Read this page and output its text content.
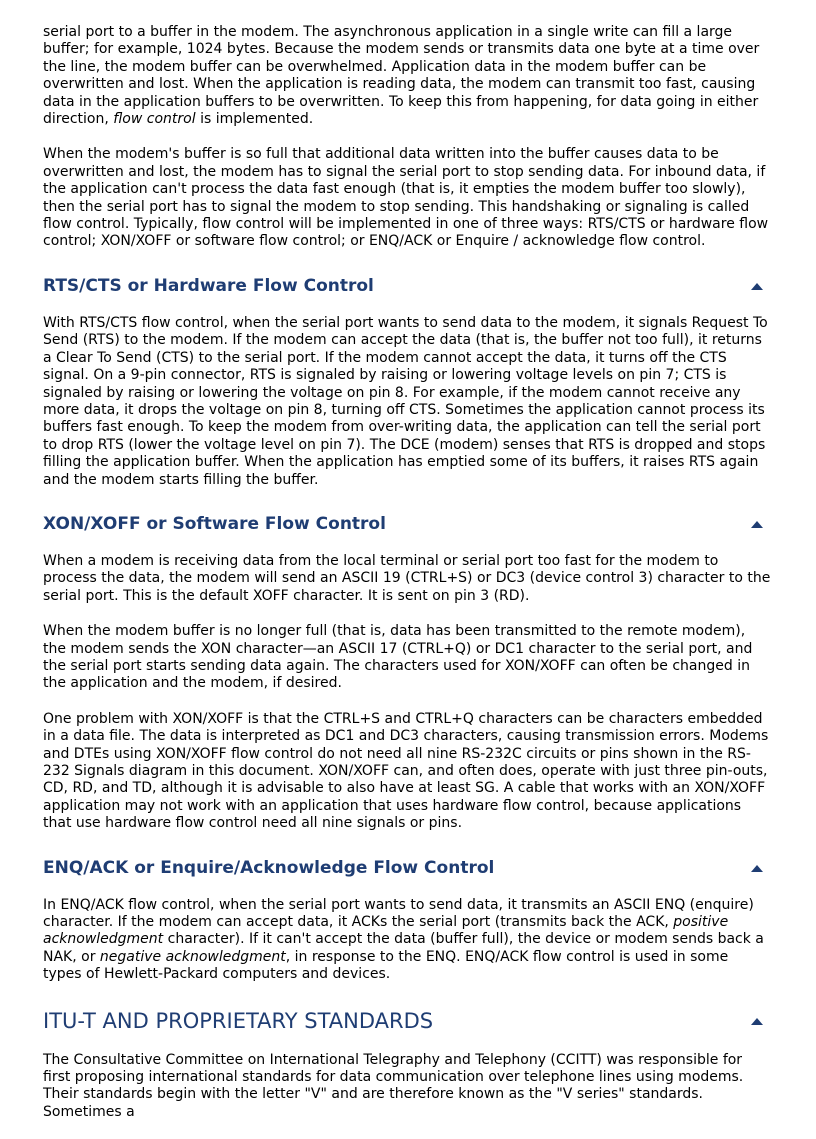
serial port to a buffer in the modem. The asynchronous application in a single write can fill a large buffer; for example, 1024 bytes. Because the modem sends or transmits data one byte at a time over the line, the modem buffer can be overwhelmed. Application data in the modem buffer can be overwritten and lost. When the application is reading data, the modem can transmit too fast, causing data in the application buffers to be overwritten. To keep this from happening, for data going in either direction, flow control is implemented.

When the modem's buffer is so full that additional data written into the buffer causes data to be overwritten and lost, the modem has to signal the serial port to stop sending data. For inbound data, if the application can't process the data fast enough (that is, it empties the modem buffer too slowly), then the serial port has to signal the modem to stop sending. This handshaking or signaling is called flow control. Typically, flow control will be implemented in one of three ways: RTS/CTS or hardware flow control; XON/XOFF or software flow control; or ENQ/ACK or Enquire / acknowledge flow control.

RTS/CTS or Hardware Flow Control

With RTS/CTS flow control, when the serial port wants to send data to the modem, it signals Request To Send (RTS) to the modem. If the modem can accept the data (that is, the buffer not too full), it returns a Clear To Send (CTS) to the serial port. If the modem cannot accept the data, it turns off the CTS signal. On a 9-pin connector, RTS is signaled by raising or lowering voltage levels on pin 7; CTS is signaled by raising or lowering the voltage on pin 8. For example, if the modem cannot receive any more data, it drops the voltage on pin 8, turning off CTS. Sometimes the application cannot process its buffers fast enough. To keep the modem from over-writing data, the application can tell the serial port to drop RTS (lower the voltage level on pin 7). The DCE (modem) senses that RTS is dropped and stops filling the application buffer. When the application has emptied some of its buffers, it raises RTS again and the modem starts filling the buffer.

XON/XOFF or Software Flow Control

When a modem is receiving data from the local terminal or serial port too fast for the modem to process the data, the modem will send an ASCII 19 (CTRL+S) or DC3 (device control 3) character to the serial port. This is the default XOFF character. It is sent on pin 3 (RD).

When the modem buffer is no longer full (that is, data has been transmitted to the remote modem), the modem sends the XON character—an ASCII 17 (CTRL+Q) or DC1 character to the serial port, and the serial port starts sending data again. The characters used for XON/XOFF can often be changed in the application and the modem, if desired.

One problem with XON/XOFF is that the CTRL+S and CTRL+Q characters can be characters embedded in a data file. The data is interpreted as DC1 and DC3 characters, causing transmission errors. Modems and DTEs using XON/XOFF flow control do not need all nine RS-232C circuits or pins shown in the RS-232 Signals diagram in this document. XON/XOFF can, and often does, operate with just three pin-outs, CD, RD, and TD, although it is advisable to also have at least SG. A cable that works with an XON/XOFF application may not work with an application that uses hardware flow control, because applications that use hardware flow control need all nine signals or pins.

ENQ/ACK or Enquire/Acknowledge Flow Control

In ENQ/ACK flow control, when the serial port wants to send data, it transmits an ASCII ENQ (enquire) character. If the modem can accept data, it ACKs the serial port (transmits back the ACK, positive acknowledgment character). If it can't accept the data (buffer full), the device or modem sends back a NAK, or negative acknowledgment, in response to the ENQ. ENQ/ACK flow control is used in some types of Hewlett-Packard computers and devices.

ITU-T AND PROPRIETARY STANDARDS

The Consultative Committee on International Telegraphy and Telephony (CCITT) was responsible for first proposing international standards for data communication over telephone lines using modems. Their standards begin with the letter "V" and are therefore known as the "V series" standards. Sometimes a
